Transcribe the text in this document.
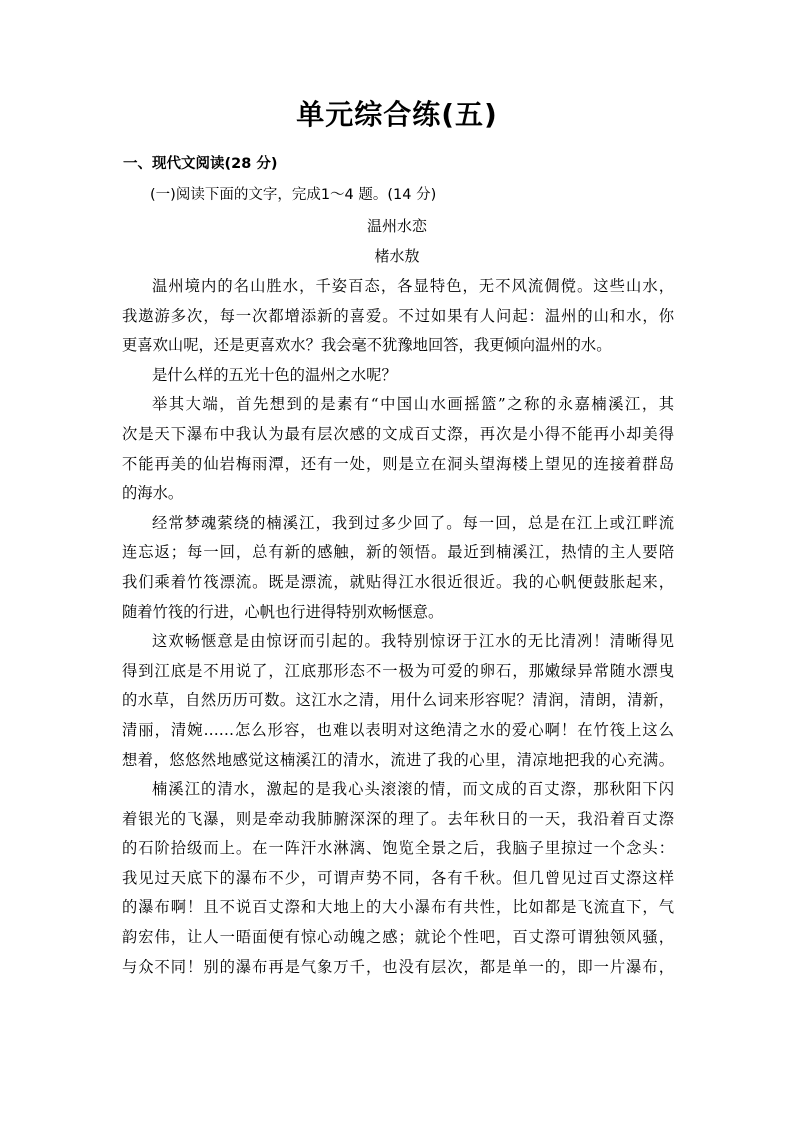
单元综合练(五)
一、现代文阅读(28 分)
(一)阅读下面的文字，完成1～4 题。(14 分)
温州水恋
楮水敖
温州境内的名山胜水，千姿百态，各显特色，无不风流倜傥。这些山水，
我遨游多次，每一次都增添新的喜爱。不过如果有人问起：温州的山和水，你
更喜欢山呢，还是更喜欢水？我会毫不犹豫地回答，我更倾向温州的水。
是什么样的五光十色的温州之水呢？
举其大端，首先想到的是素有“中国山水画摇篮”之称的永嘉楠溪江，其
次是天下瀑布中我认为最有层次感的文成百丈漈，再次是小得不能再小却美得
不能再美的仙岩梅雨潭，还有一处，则是立在洞头望海楼上望见的连接着群岛
的海水。
经常梦魂萦绕的楠溪江，我到过多少回了。每一回，总是在江上或江畔流
连忘返；每一回，总有新的感触，新的领悟。最近到楠溪江，热情的主人要陪
我们乘着竹筏漂流。既是漂流，就贴得江水很近很近。我的心帆便鼓胀起来，
随着竹筏的行进，心帆也行进得特别欢畅惬意。
这欢畅惬意是由惊讶而引起的。我特别惊讶于江水的无比清冽！清晰得见
得到江底是不用说了，江底那形态不一极为可爱的卵石，那嫩绿异常随水漂曳
的水草，自然历历可数。这江水之清，用什么词来形容呢？清润，清朗，清新，
清丽，清婉……怎么形容，也难以表明对这绝清之水的爱心啊！在竹筏上这么
想着，悠悠然地感觉这楠溪江的清水，流进了我的心里，清凉地把我的心充满。
楠溪江的清水，激起的是我心头滚滚的情，而文成的百丈漈，那秋阳下闪
着银光的飞瀑，则是牵动我肺腑深深的理了。去年秋日的一天，我沿着百丈漈
的石阶拾级而上。在一阵汗水淋漓、饱览全景之后，我脑子里掠过一个念头：
我见过天底下的瀑布不少，可谓声势不同，各有千秋。但几曾见过百丈漈这样
的瀑布啊！且不说百丈漈和大地上的大小瀑布有共性，比如都是飞流直下，气
韵宏伟，让人一晤面便有惊心动魄之感；就论个性吧，百丈漈可谓独领风骚，
与众不同！别的瀑布再是气象万千，也没有层次，都是单一的，即一片瀑布，
